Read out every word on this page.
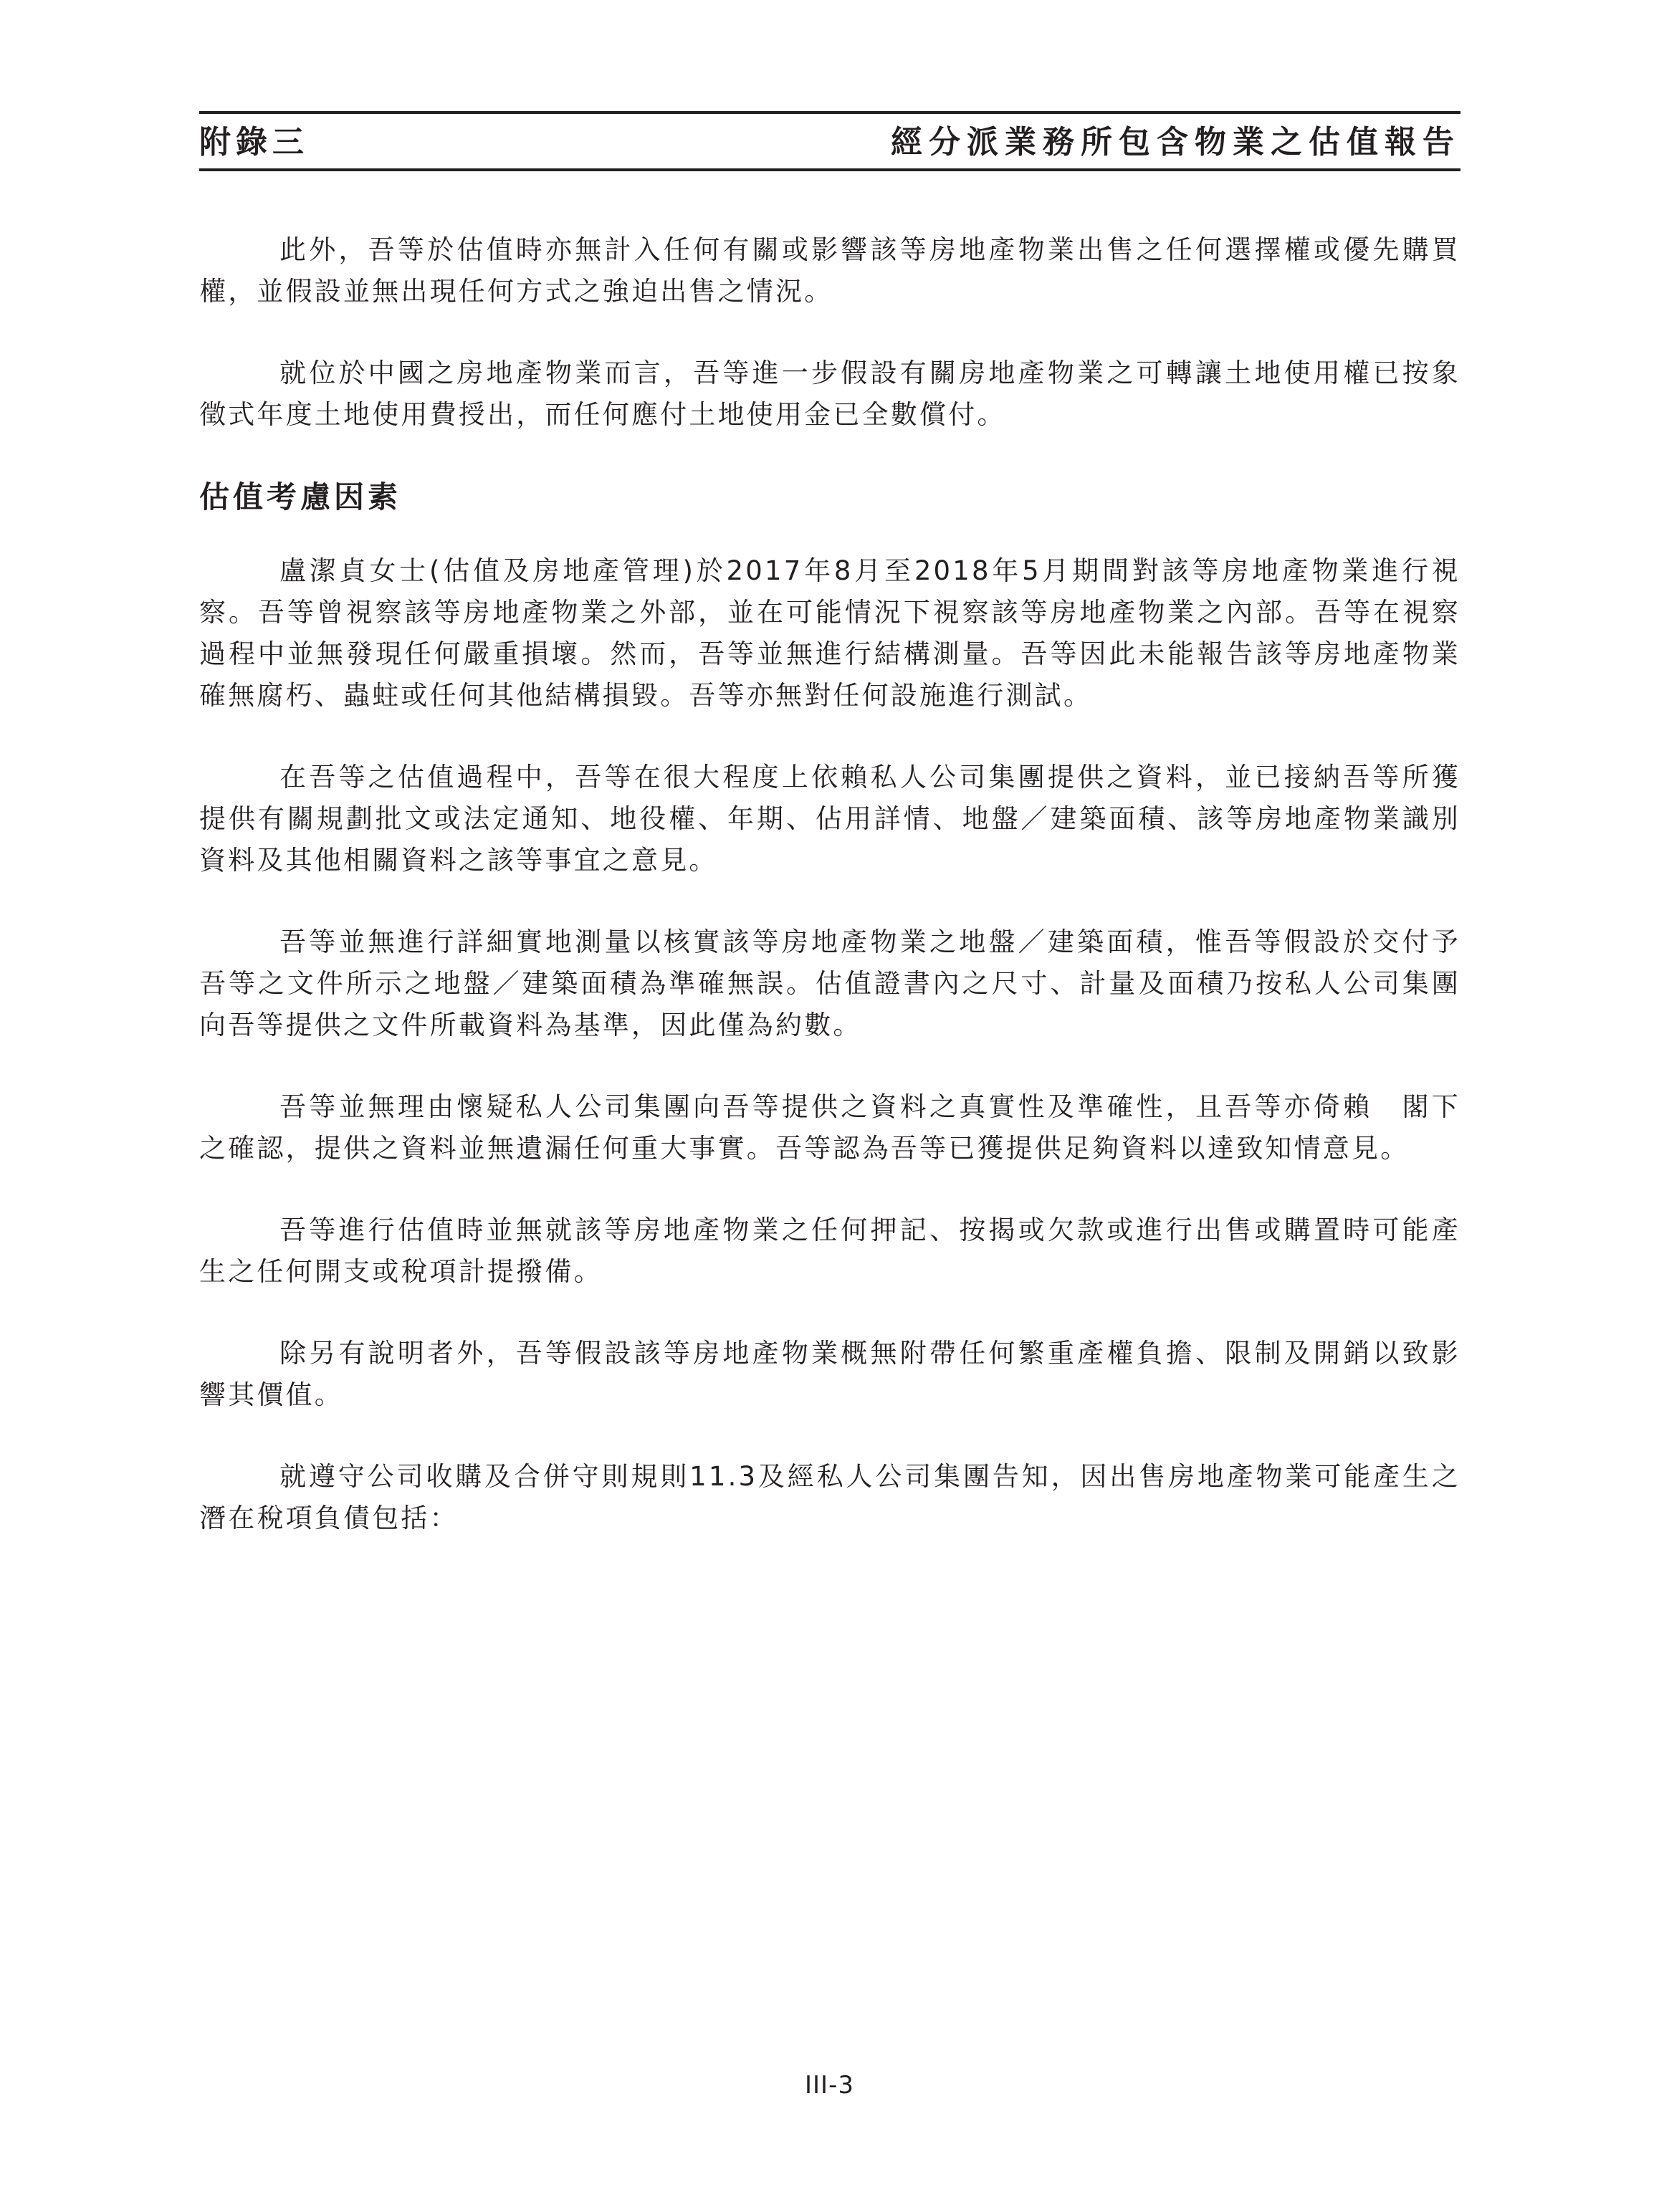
附錄三	經分派業務所包含物業之估值報告

此外，吾等於估值時亦無計入任何有關或影響該等房地產物業出售之任何選擇權或優先購買權，並假設並無出現任何方式之強迫出售之情況。

就位於中國之房地產物業而言，吾等進一步假設有關房地產物業之可轉讓土地使用權已按象徵式年度土地使用費授出，而任何應付土地使用金已全數償付。

估值考慮因素

盧潔貞女士(估值及房地產管理)於2017年8月至2018年5月期間對該等房地產物業進行視察。吾等曾視察該等房地產物業之外部，並在可能情況下視察該等房地產物業之內部。吾等在視察過程中並無發現任何嚴重損壞。然而，吾等並無進行結構測量。吾等因此未能報告該等房地產物業確無腐朽、蟲蛀或任何其他結構損毀。吾等亦無對任何設施進行測試。

在吾等之估值過程中，吾等在很大程度上依賴私人公司集團提供之資料，並已接納吾等所獲提供有關規劃批文或法定通知、地役權、年期、佔用詳情、地盤／建築面積、該等房地產物業識別資料及其他相關資料之該等事宜之意見。

吾等並無進行詳細實地測量以核實該等房地產物業之地盤／建築面積，惟吾等假設於交付予吾等之文件所示之地盤／建築面積為準確無誤。估值證書內之尺寸、計量及面積乃按私人公司集團向吾等提供之文件所載資料為基準，因此僅為約數。

吾等並無理由懷疑私人公司集團向吾等提供之資料之真實性及準確性，且吾等亦倚賴　閣下之確認，提供之資料並無遺漏任何重大事實。吾等認為吾等已獲提供足夠資料以達致知情意見。

吾等進行估值時並無就該等房地產物業之任何押記、按揭或欠款或進行出售或購置時可能產生之任何開支或稅項計提撥備。

除另有說明者外，吾等假設該等房地產物業概無附帶任何繁重產權負擔、限制及開銷以致影響其價值。

就遵守公司收購及合併守則規則11.3及經私人公司集團告知，因出售房地產物業可能產生之潛在稅項負債包括：

III-3
